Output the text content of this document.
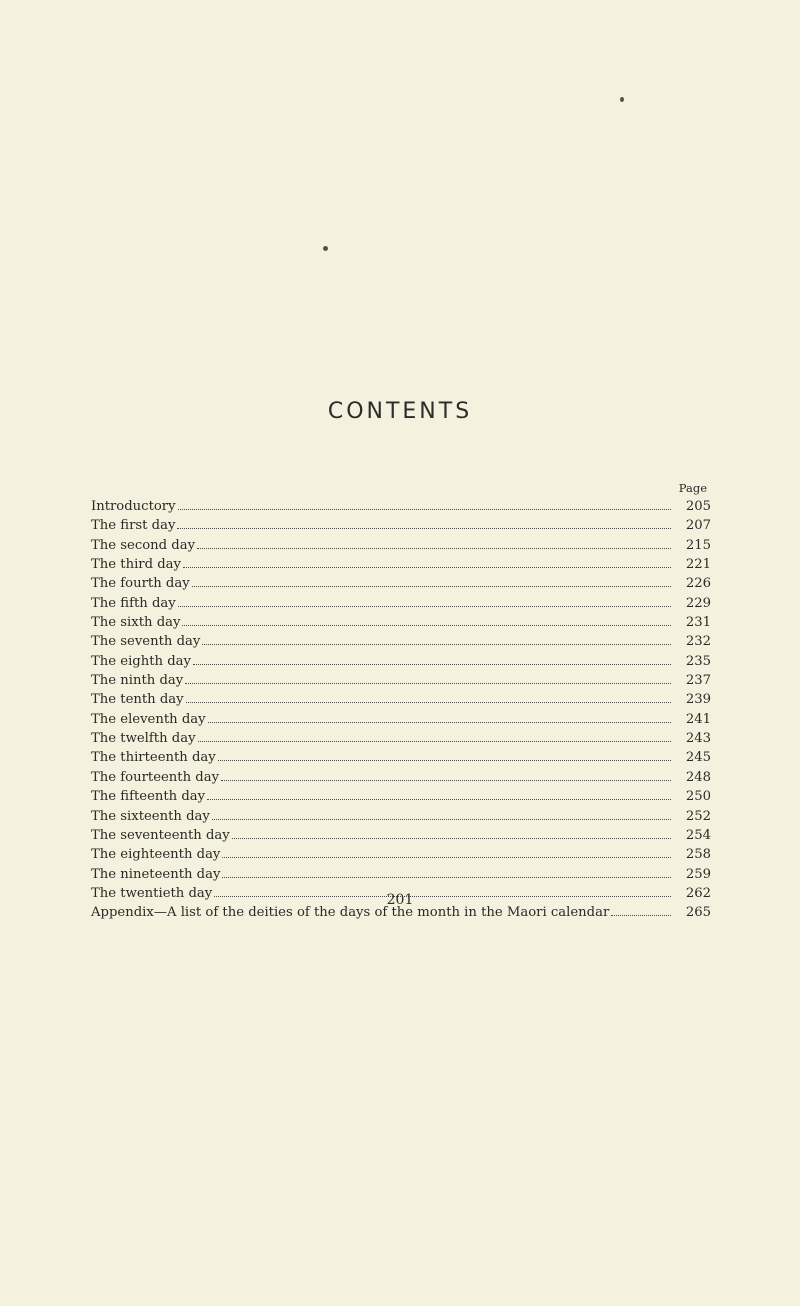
CONTENTS
Page
Introductory	205
The first day	207
The second day	215
The third day	221
The fourth day	226
The fifth day	229
The sixth day	231
The seventh day	232
The eighth day	235
The ninth day	237
The tenth day	239
The eleventh day	241
The twelfth day	243
The thirteenth day	245
The fourteenth day	248
The fifteenth day	250
The sixteenth day	252
The seventeenth day	254
The eighteenth day	258
The nineteenth day	259
The twentieth day	262
Appendix—A list of the deities of the days of the month in the Maori calendar	265
201
